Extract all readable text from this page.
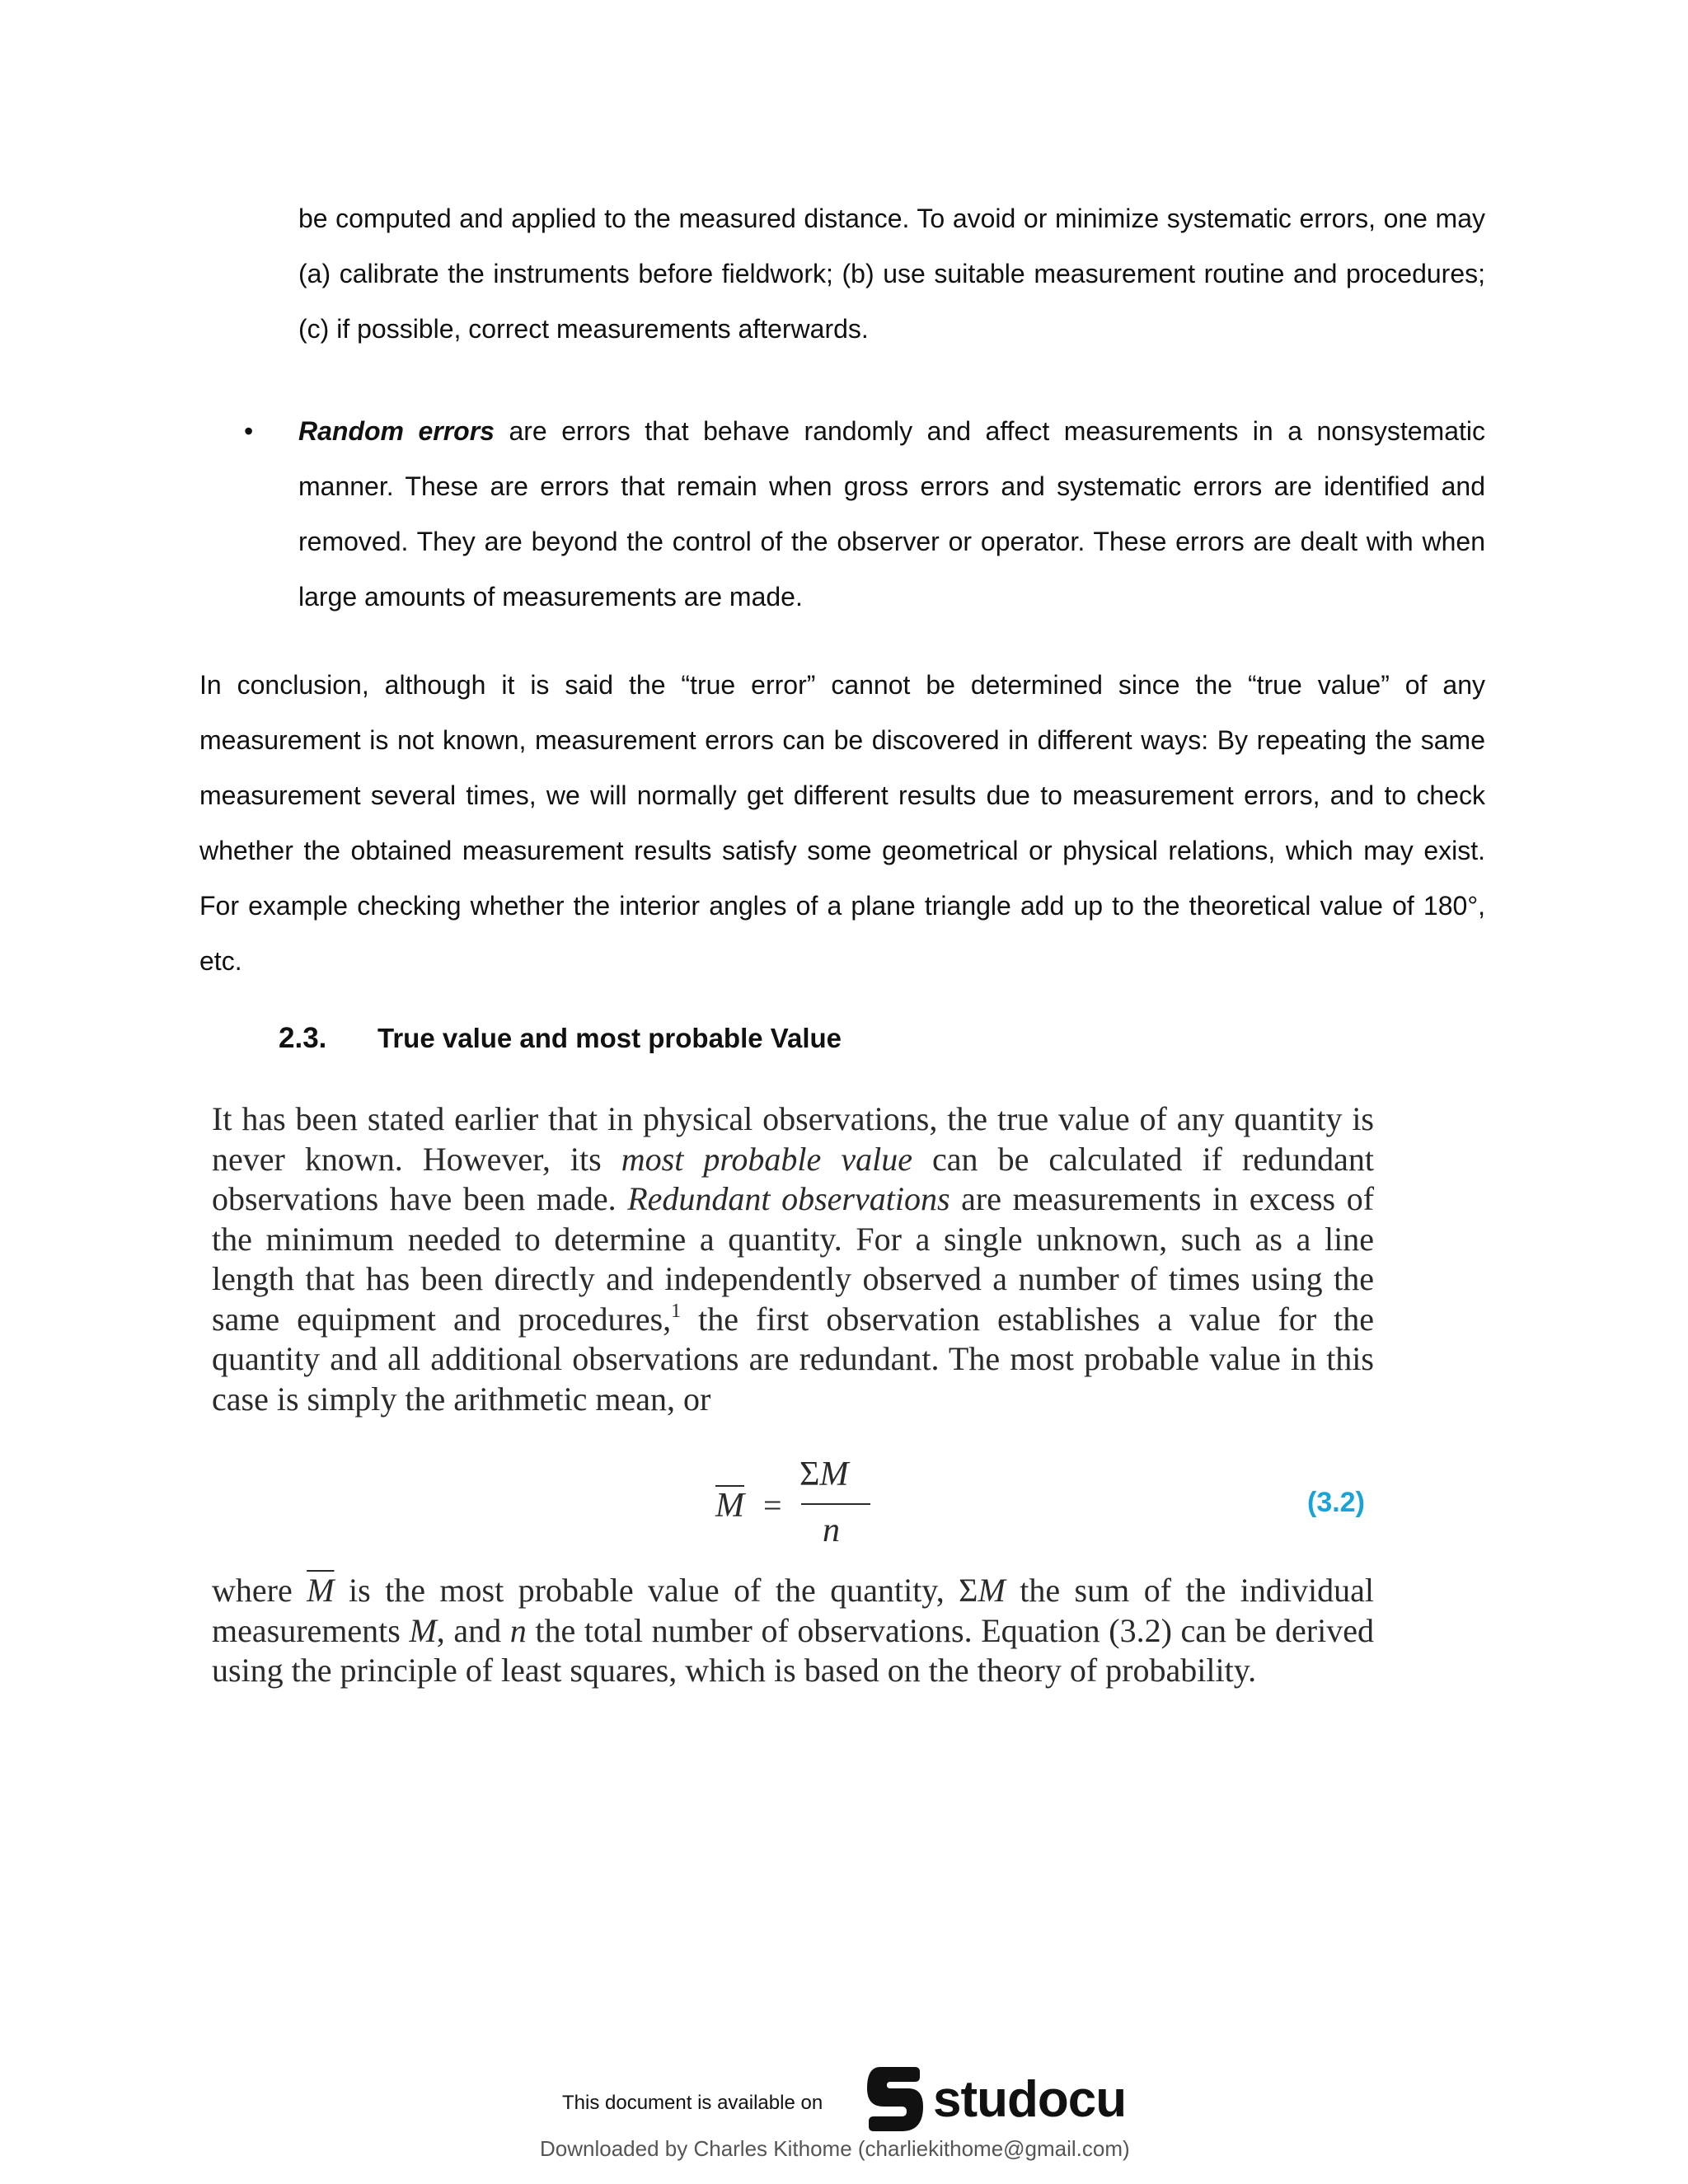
be computed and applied to the measured distance. To avoid or minimize systematic errors, one may (a) calibrate the instruments before fieldwork; (b) use suitable measurement routine and procedures; (c) if possible, correct measurements afterwards.

• Random errors are errors that behave randomly and affect measurements in a nonsystematic manner. These are errors that remain when gross errors and systematic errors are identified and removed. They are beyond the control of the observer or operator. These errors are dealt with when large amounts of measurements are made.

In conclusion, although it is said the “true error” cannot be determined since the “true value” of any measurement is not known, measurement errors can be discovered in different ways: By repeating the same measurement several times, we will normally get different results due to measurement errors, and to check whether the obtained measurement results satisfy some geometrical or physical relations, which may exist. For example checking whether the interior angles of a plane triangle add up to the theoretical value of 180°, etc.

2.3. True value and most probable Value

It has been stated earlier that in physical observations, the true value of any quantity is never known. However, its most probable value can be calculated if redundant observations have been made. Redundant observations are measurements in excess of the minimum needed to determine a quantity. For a single unknown, such as a line length that has been directly and independently observed a number of times using the same equipment and procedures,$^1$ the first observation establishes a value for the quantity and all additional observations are redundant. The most probable value in this case is simply the arithmetic mean, or

$\overline{M}$ =
ΣM
n
(3.2)

where $\overline{M}$ is the most probable value of the quantity, ΣM the sum of the individual measurements M, and n the total number of observations. Equation (3.2) can be derived using the principle of least squares, which is based on the theory of probability.

This document is available on studocu
Downloaded by Charles Kithome (charliekithome@gmail.com)
